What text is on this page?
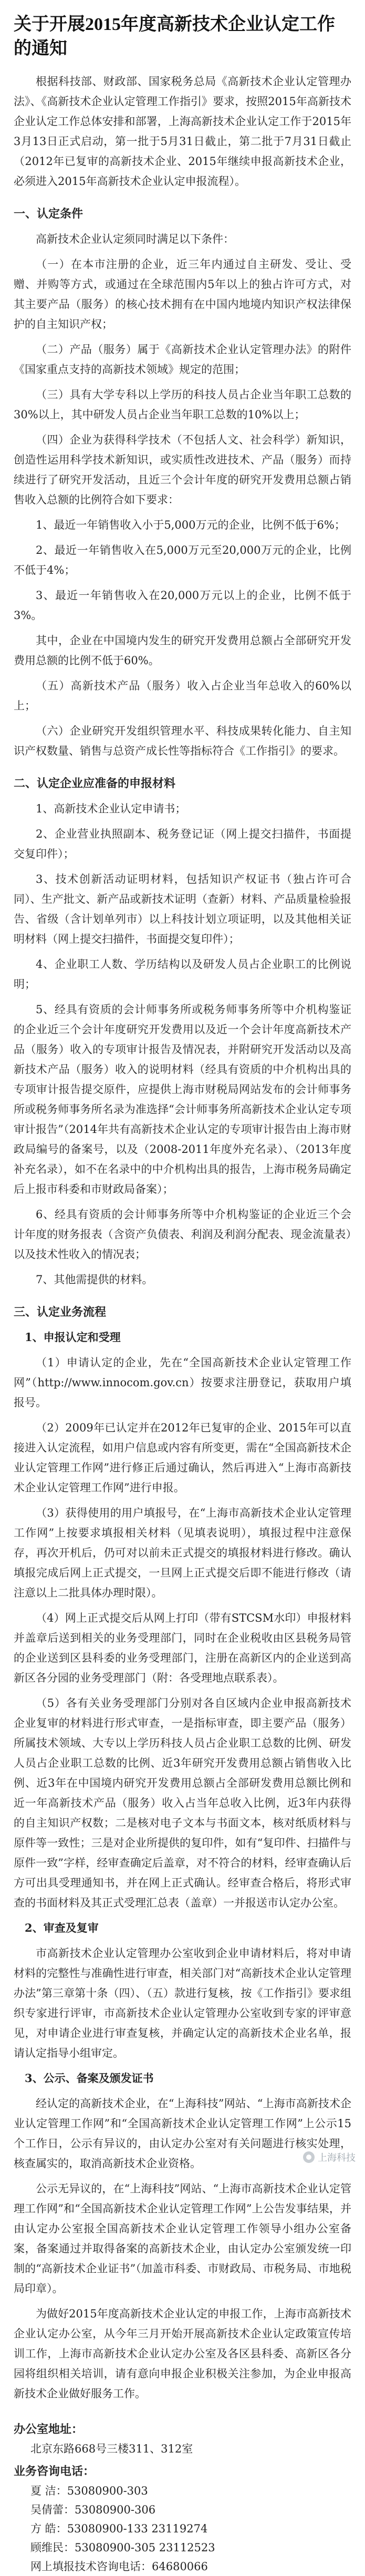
关于开展2015年度高新技术企业认定工作的通知
根据科技部、财政部、国家税务总局《高新技术企业认定管理办法》、《高新技术企业认定管理工作指引》要求，按照2015年高新技术企业认定工作总体安排和部署，上海高新技术企业认定工作于2015年3月13日正式启动，第一批于5月31日截止，第二批于7月31日截止（2012年已复审的高新技术企业、2015年继续申报高新技术企业，必须进入2015年高新技术企业认定申报流程）。
一、认定条件
高新技术企业认定须同时满足以下条件：
（一）在本市注册的企业，近三年内通过自主研发、受让、受赠、并购等方式，或通过在全球范围内5年以上的独占许可方式，对其主要产品（服务）的核心技术拥有在中国内地境内知识产权法律保护的自主知识产权；
（二）产品（服务）属于《高新技术企业认定管理办法》的附件《国家重点支持的高新技术领域》规定的范围；
（三）具有大学专科以上学历的科技人员占企业当年职工总数的30%以上，其中研发人员占企业当年职工总数的10%以上；
（四）企业为获得科学技术（不包括人文、社会科学）新知识，创造性运用科学技术新知识，或实质性改进技术、产品（服务）而持续进行了研究开发活动，且近三个会计年度的研究开发费用总额占销售收入总额的比例符合如下要求：
1、最近一年销售收入小于5,000万元的企业，比例不低于6%；
2、最近一年销售收入在5,000万元至20,000万元的企业，比例不低于4%；
3、最近一年销售收入在20,000万元以上的企业，比例不低于3%。
其中，企业在中国境内发生的研究开发费用总额占全部研究开发费用总额的比例不低于60%。
（五）高新技术产品（服务）收入占企业当年总收入的60%以上；
（六）企业研究开发组织管理水平、科技成果转化能力、自主知识产权数量、销售与总资产成长性等指标符合《工作指引》的要求。
二、认定企业应准备的申报材料
1、高新技术企业认定申请书；
2、企业营业执照副本、税务登记证（网上提交扫描件，书面提交复印件）；
3、技术创新活动证明材料，包括知识产权证书（独占许可合同）、生产批文、新产品或新技术证明（查新）材料、产品质量检验报告、省级（含计划单列市）以上科技计划立项证明，以及其他相关证明材料（网上提交扫描件，书面提交复印件）；
4、企业职工人数、学历结构以及研发人员占企业职工的比例说明；
5、经具有资质的会计师事务所或税务师事务所等中介机构鉴证的企业近三个会计年度研究开发费用以及近一个会计年度高新技术产品（服务）收入的专项审计报告及情况表，并附研究开发活动以及高新技术产品（服务）收入的说明材料（经具有资质的中介机构出具的专项审计报告提交原件，应提供上海市财税局网站发布的会计师事务所或税务师事务所名录为准选择“会计师事务所高新技术企业认定专项审计报告”（2014年共有高新技术企业认定的专项审计报告由上海市财政局编号的备案号，以及（2008-2011年度外充名录）、（2013年度补充名录），如不在名录中的中介机构出具的报告，上海市税务局确定后上报市科委和市财政局备案）；
6、经具有资质的会计师事务所等中介机构鉴证的企业近三个会计年度的财务报表（含资产负债表、利润及利润分配表、现金流量表）以及技术性收入的情况表；
7、其他需提供的材料。
三、认定业务流程
1、申报认定和受理
（1）申请认定的企业，先在“全国高新技术企业认定管理工作网”（http://www.innocom.gov.cn）按要求注册登记，获取用户填报号。
（2）2009年已认定并在2012年已复审的企业、2015年可以直接进入认定流程，如用户信息或内容有所变更，需在“全国高新技术企业认定管理工作网”进行修正后通过确认，然后再进入“上海市高新技术企业认定管理工作网”进行申报。
（3）获得使用的用户填报号，在“上海市高新技术企业认定管理工作网”上按要求填报相关材料（见填表说明），填报过程中注意保存，再次开机后，仍可对以前未正式提交的填报材料进行修改。确认填报完成后网上正式提交，一旦网上正式提交后即不能进行修改（请注意以上二批具体办理时限）。
（4）网上正式提交后从网上打印（带有STCSM水印）申报材料并盖章后送到相关的业务受理部门，同时在企业税收由区县税务局管的企业送到区县科委的业务受理部门，注册在高新区内的企业送到高新区各分园的业务受理部门（附：各受理地点联系表）。
（5）各有关业务受理部门分别对各自区域内企业申报高新技术企业复审的材料进行形式审查，一是指标审查，即主要产品（服务）所属技术领域、大专以上学历科技人员占企业职工总数的比例、研发人员占企业职工总数的比例、近3年研究开发费用总额占销售收入比例、近3年在中国境内研究开发费用总额占全部研发费用总额比例和近一年高新技术产品（服务）收入占当年总收入比例，近3年内获得的自主知识产权数；二是核对电子文本与书面文本，核对纸质材料与原件等一致性；三是对企业所提供的复印件，如有“复印件、扫描件与原件一致”字样，经审查确定后盖章，对不符合的材料，经审查确认后方可出具受理通知书，并在网上正式确认。经审查合格后，将形式审查的书面材料及其正式受理汇总表（盖章）一并报送市认定办公室。
2、审查及复审
市高新技术企业认定管理办公室收到企业申请材料后，将对申请材料的完整性与准确性进行审查，相关部门对“高新技术企业认定管理办法”第三章第十条（四）、（五）款进行复核，按《工作指引》要求组织专家进行评审，市高新技术企业认定管理办公室收到专家的评审意见，对申请企业进行审查复核，并确定认定的高新技术企业名单，报请认定指导小组审定。
3、公示、备案及颁发证书
经认定的高新技术企业，在“上海科技”网站、“上海市高新技术企业认定管理工作网”和“全国高新技术企业认定管理工作网”上公示15个工作日，公示有异议的，由认定办公室对有关问题进行核实处理，核查属实的，取消高新技术企业资格。
公示无异议的，在“上海科技”网站、“上海市高新技术企业认定管理工作网”和“全国高新技术企业认定管理工作网”上公告发事结果，并由认定办公室报全国高新技术企业认定管理工作领导小组办公室备案，备案通过并取得备案的高新技术企业，由认定办公室颁发统一印制的“高新技术企业证书”（加盖市科委、市财政局、市税务局、市地税局印章）。
为做好2015年度高新技术企业认定的申报工作，上海市高新技术企业认定办公室，从今年三月开始开展高新技术企业认定政策宣传培训工作，上海市高新技术企业认定办公室及各区县科委、高新区各分园将组织相关培训，请有意向申报企业积极关注参加，为企业申报高新技术企业做好服务工作。
办公室地址：
北京东路668号三楼311、312室
业务咨询电话：
夏 洁：53080900-303
吴倩蕾：53080900-306
方 皓：53080900-133 23119274
顾维民：53080900-305 23112523
网上填报技术咨询电话：64680066
上海科技
